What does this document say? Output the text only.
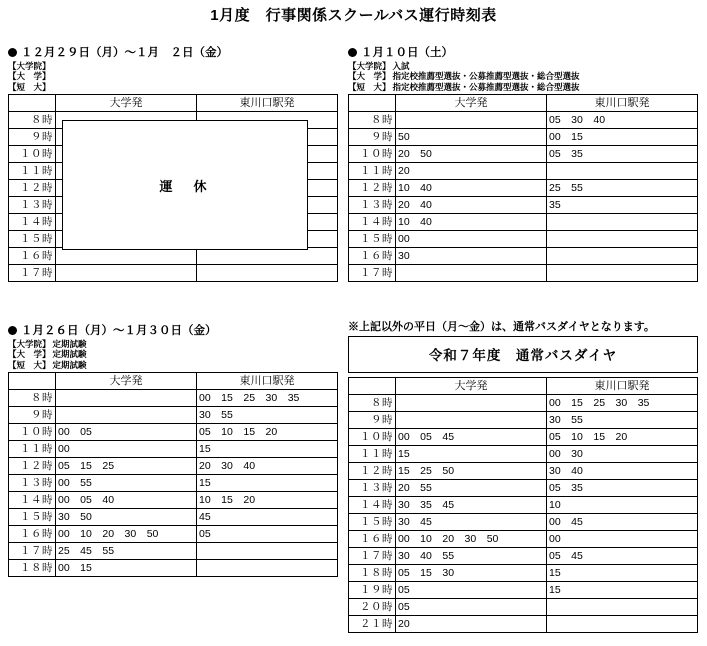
1月度　行事関係スクールバス運行時刻表
１２月２９日（月）～１月　２日（金）
【大学院】
【大　学】
【短　大】
	大学発	東川口駅発
８時		
９時		
１０時		
１１時		
１２時		
１３時		
１４時		
１５時		
１６時		
１７時		
運　休
１月１０日（土）
【大学院】 入試
【大　学】 指定校推薦型選抜・公募推薦型選抜・総合型選抜
【短　大】 指定校推薦型選抜・公募推薦型選抜・総合型選抜
	大学発	東川口駅発
８時		05　30　40
９時	50	00　15
１０時	20　50	05　35
１１時	20	
１２時	10　40	25　55
１３時	20　40	35
１４時	10　40	
１５時	00	
１６時	30	
１７時		
１月２６日（月）～１月３０日（金）
【大学院】 定期試験
【大　学】 定期試験
【短　大】 定期試験
	大学発	東川口駅発
８時		00　15　25　30　35
９時		30　55
１０時	00　05	05　10　15　20
１１時	00	15
１２時	05　15　25	20　30　40
１３時	00　55	15
１４時	00　05　40	10　15　20
１５時	30　50	45
１６時	00　10　20　30　50	05
１７時	25　45　55	
１８時	00　15	
※上記以外の平日（月～金）は、通常バスダイヤとなります。
令和７年度　通常バスダイヤ
	大学発	東川口駅発
８時		00　15　25　30　35
９時		30　55
１０時	00　05　45	05　10　15　20
１１時	15	00　30
１２時	15　25　50	30　40
１３時	20　55	05　35
１４時	30　35　45	10
１５時	30　45	00　45
１６時	00　10　20　30　50	00
１７時	30　40　55	05　45
１８時	05　15　30	15
１９時	05	15
２０時	05	
２１時	20	
